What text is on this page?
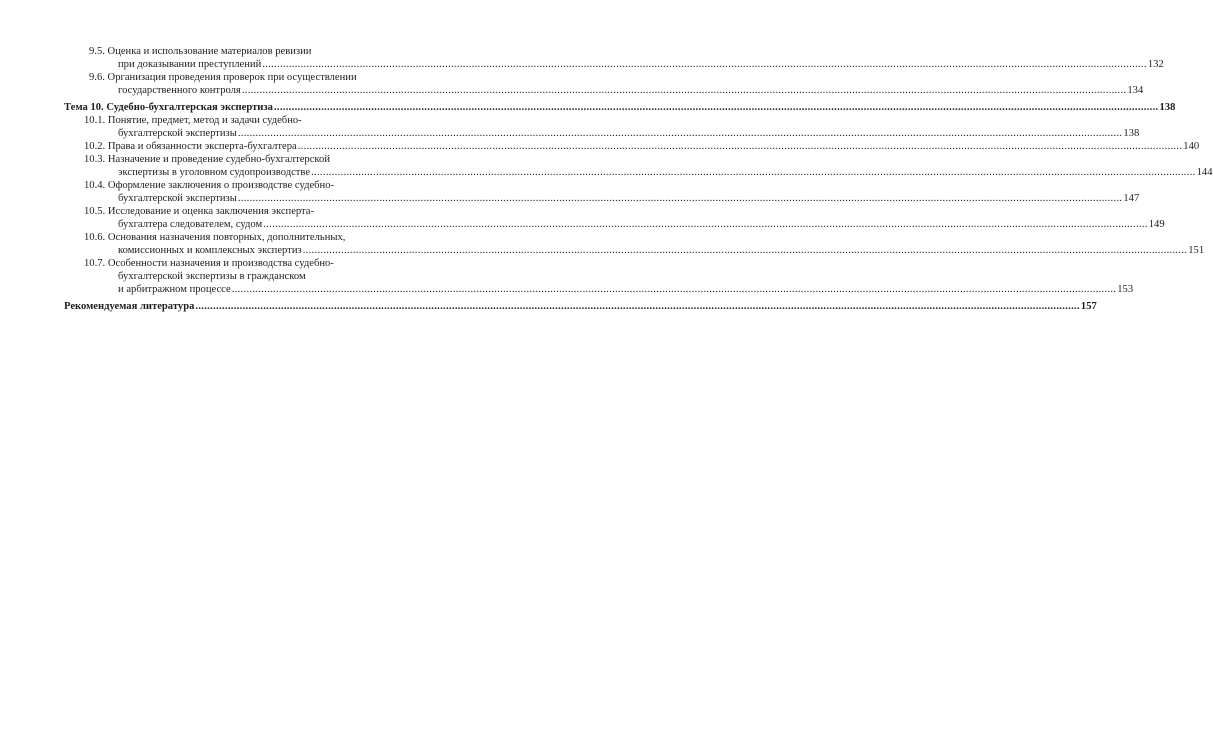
9.5. Оценка и использование материалов ревизии
при доказывании преступлений ............................................................................................................................................................................................................................................................................................................ 132
9.6. Организация проведения проверок при осуществлении
государственного контроля ............................................................................................................................................................................................................................................................................................................ 134
Тема 10. Судебно-бухгалтерская экспертиза ............................................................................................................................................................................................................................................................................................................ 138
10.1. Понятие, предмет, метод и задачи судебно-
бухгалтерской экспертизы ............................................................................................................................................................................................................................................................................................................ 138
10.2. Права и обязанности эксперта-бухгалтера ............................................................................................................................................................................................................................................................................................................ 140
10.3. Назначение и проведение судебно-бухгалтерской
экспертизы в уголовном судопроизводстве ............................................................................................................................................................................................................................................................................................................ 144
10.4. Оформление заключения о производстве судебно-
бухгалтерской экспертизы ............................................................................................................................................................................................................................................................................................................ 147
10.5. Исследование и оценка заключения эксперта-
бухгалтера следователем, судом ............................................................................................................................................................................................................................................................................................................ 149
10.6. Основания назначения повторных, дополнительных,
комиссионных и комплексных экспертиз ............................................................................................................................................................................................................................................................................................................ 151
10.7. Особенности назначения и производства судебно-
бухгалтерской экспертизы в гражданском
и арбитражном процессе ............................................................................................................................................................................................................................................................................................................ 153
Рекомендуемая литература ............................................................................................................................................................................................................................................................................................................ 157
